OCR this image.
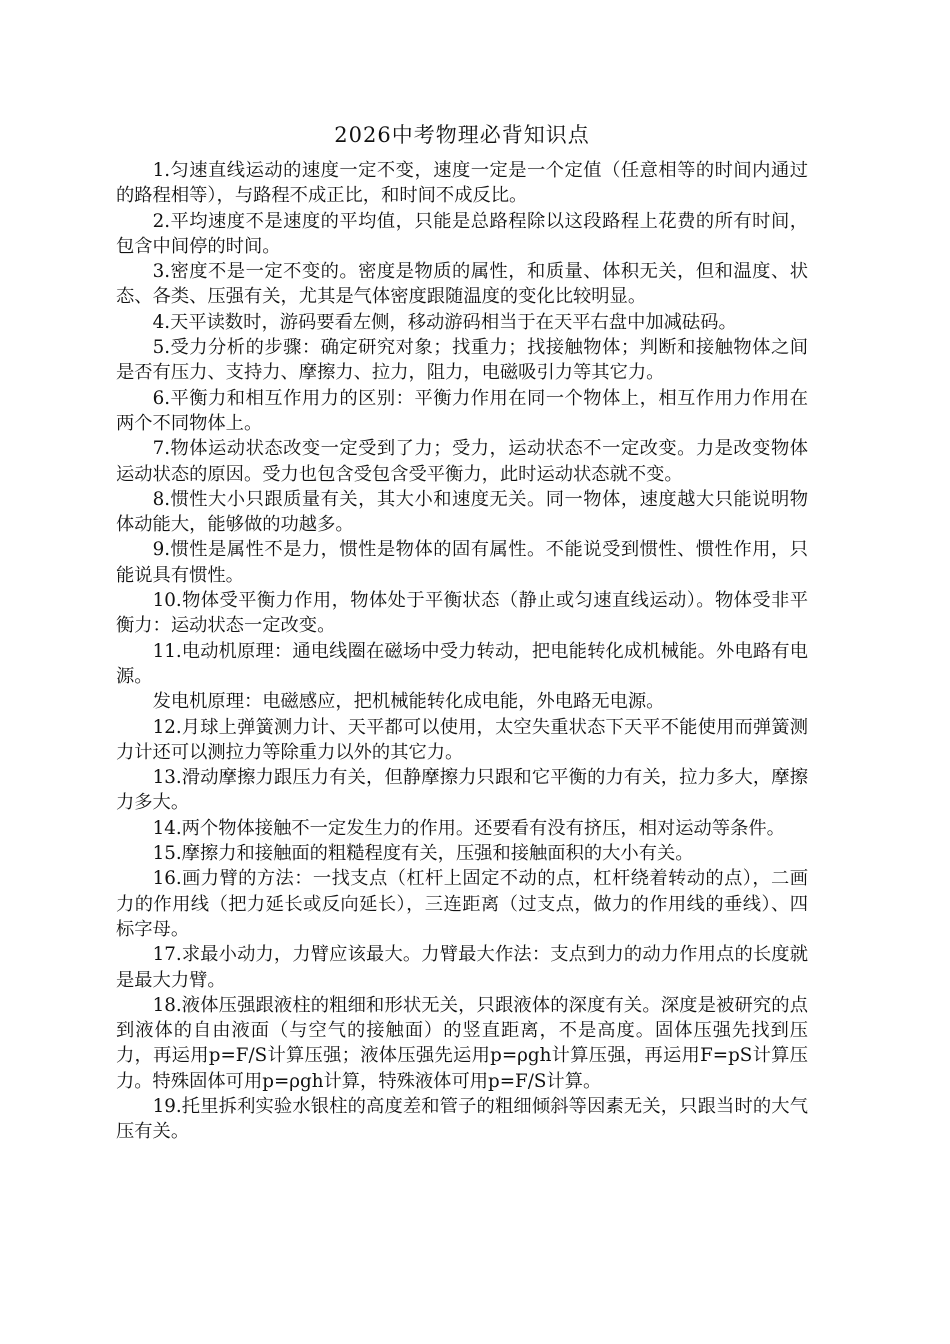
2026中考物理必背知识点

1.匀速直线运动的速度一定不变，速度一定是一个定值（任意相等的时间内通过的路程相等），与路程不成正比，和时间不成反比。

2.平均速度不是速度的平均值，只能是总路程除以这段路程上花费的所有时间，包含中间停的时间。

3.密度不是一定不变的。密度是物质的属性，和质量、体积无关，但和温度、状态、各类、压强有关，尤其是气体密度跟随温度的变化比较明显。

4.天平读数时，游码要看左侧，移动游码相当于在天平右盘中加减砝码。

5.受力分析的步骤：确定研究对象；找重力；找接触物体；判断和接触物体之间是否有压力、支持力、摩擦力、拉力，阻力，电磁吸引力等其它力。

6.平衡力和相互作用力的区别：平衡力作用在同一个物体上，相互作用力作用在两个不同物体上。

7.物体运动状态改变一定受到了力；受力，运动状态不一定改变。力是改变物体运动状态的原因。受力也包含受包含受平衡力，此时运动状态就不变。

8.惯性大小只跟质量有关，其大小和速度无关。同一物体，速度越大只能说明物体动能大，能够做的功越多。

9.惯性是属性不是力，惯性是物体的固有属性。不能说受到惯性、惯性作用，只能说具有惯性。

10.物体受平衡力作用，物体处于平衡状态（静止或匀速直线运动）。物体受非平衡力：运动状态一定改变。

11.电动机原理：通电线圈在磁场中受力转动，把电能转化成机械能。外电路有电源。

发电机原理：电磁感应，把机械能转化成电能，外电路无电源。

12.月球上弹簧测力计、天平都可以使用，太空失重状态下天平不能使用而弹簧测力计还可以测拉力等除重力以外的其它力。

13.滑动摩擦力跟压力有关，但静摩擦力只跟和它平衡的力有关，拉力多大，摩擦力多大。

14.两个物体接触不一定发生力的作用。还要看有没有挤压，相对运动等条件。

15.摩擦力和接触面的粗糙程度有关，压强和接触面积的大小有关。

16.画力臂的方法：一找支点（杠杆上固定不动的点，杠杆绕着转动的点），二画力的作用线（把力延长或反向延长），三连距离（过支点，做力的作用线的垂线）、四标字母。

17.求最小动力，力臂应该最大。力臂最大作法：支点到力的动力作用点的长度就是最大力臂。

18.液体压强跟液柱的粗细和形状无关，只跟液体的深度有关。深度是被研究的点到液体的自由液面（与空气的接触面）的竖直距离，不是高度。固体压强先找到压力，再运用p=F/S计算压强；液体压强先运用p=ρgh计算压强，再运用F=pS计算压力。特殊固体可用p=ρgh计算，特殊液体可用p=F/S计算。

19.托里拆利实验水银柱的高度差和管子的粗细倾斜等因素无关，只跟当时的大气压有关。
